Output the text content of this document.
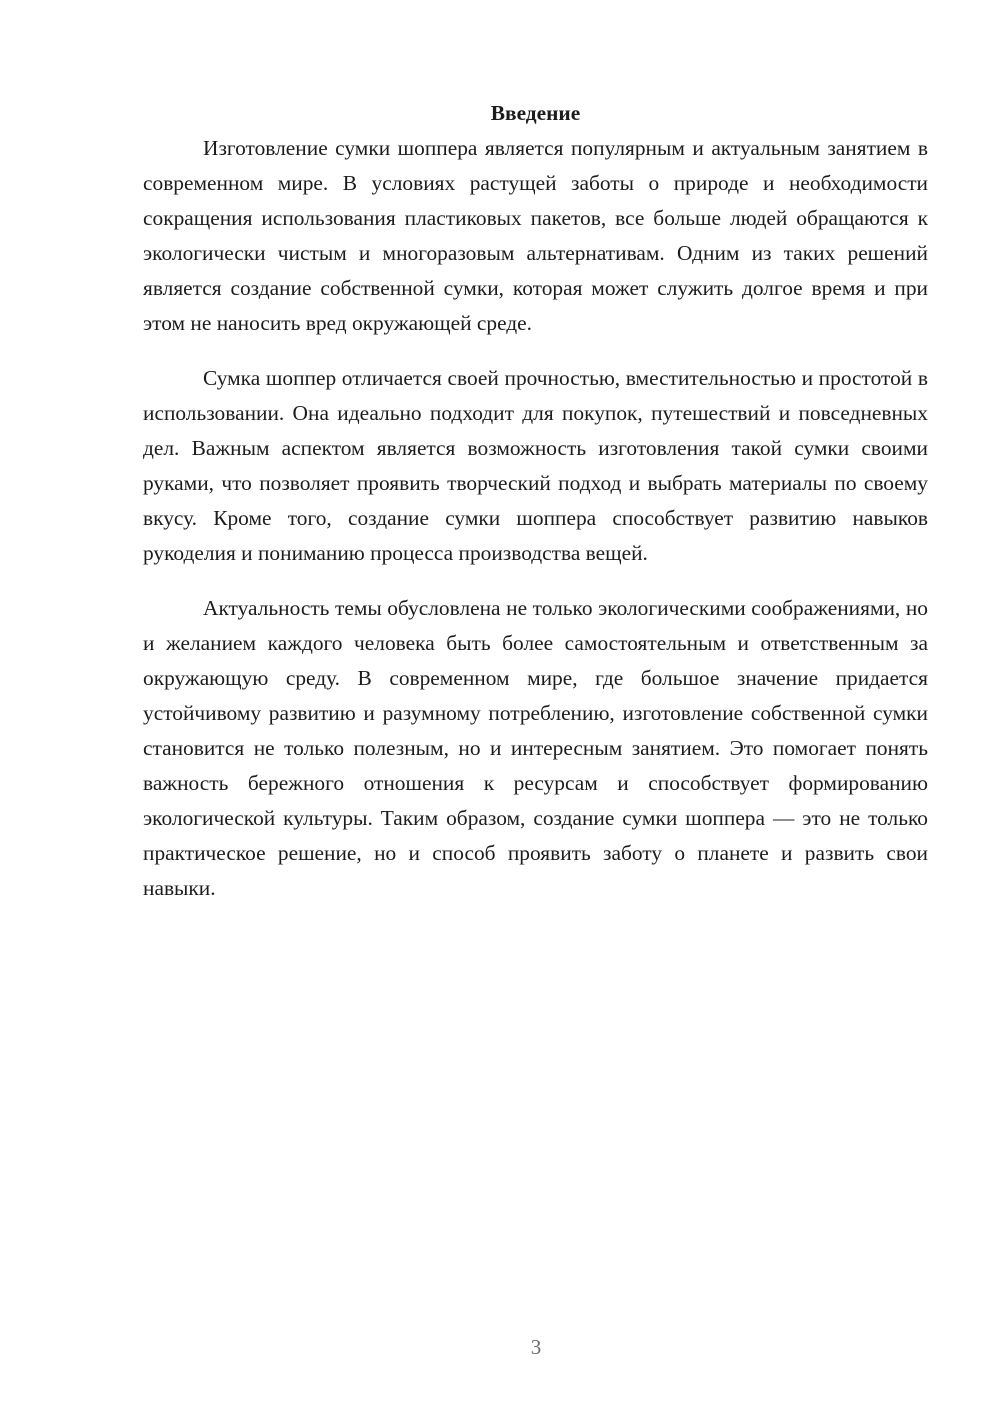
Введение

Изготовление сумки шоппера является популярным и актуальным занятием в современном мире. В условиях растущей заботы о природе и необходимости сокращения использования пластиковых пакетов, все больше людей обращаются к экологически чистым и многоразовым альтернативам. Одним из таких решений является создание собственной сумки, которая может служить долгое время и при этом не наносить вред окружающей среде.

Сумка шоппер отличается своей прочностью, вместительностью и простотой в использовании. Она идеально подходит для покупок, путешествий и повседневных дел. Важным аспектом является возможность изготовления такой сумки своими руками, что позволяет проявить творческий подход и выбрать материалы по своему вкусу. Кроме того, создание сумки шоппера способствует развитию навыков рукоделия и пониманию процесса производства вещей.

Актуальность темы обусловлена не только экологическими соображениями, но и желанием каждого человека быть более самостоятельным и ответственным за окружающую среду. В современном мире, где большое значение придается устойчивому развитию и разумному потреблению, изготовление собственной сумки становится не только полезным, но и интересным занятием. Это помогает понять важность бережного отношения к ресурсам и способствует формированию экологической культуры. Таким образом, создание сумки шоппера — это не только практическое решение, но и способ проявить заботу о планете и развить свои навыки.

3
